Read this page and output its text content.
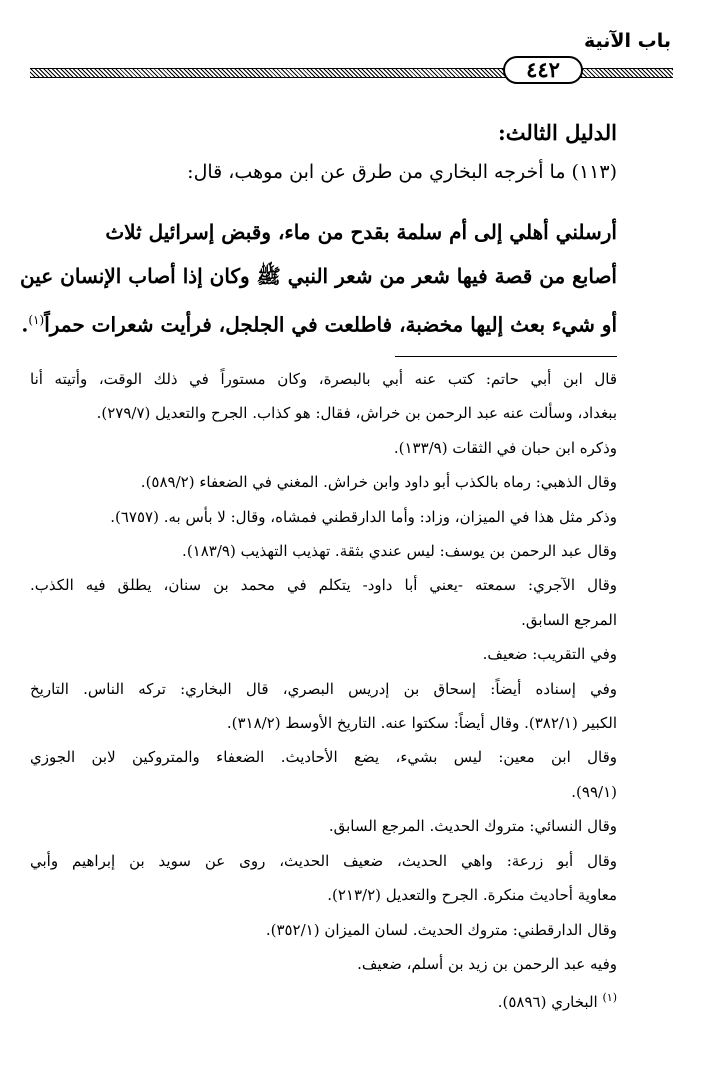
باب الآنية
٤٤٢
الدليل الثالث:
(١١٣) ما أخرجه البخاري من طرق عن ابن موهب، قال:
أرسلني أهلي إلى أم سلمة بقدح من ماء، وقبض إسرائيل ثلاث
أصابع من قصة فيها شعر من شعر النبي ﷺ وكان إذا أصاب الإنسان عين
أو شيء بعث إليها مخضبة، فاطلعت في الجلجل، فرأيت شعرات حمراً$^{(١)}$.
قال ابن أبي حاتم: كتب عنه أبي بالبصرة، وكان مستوراً في ذلك الوقت، وأتيته أنا
ببغداد، وسألت عنه عبد الرحمن بن خراش، فقال: هو كذاب. الجرح والتعديل (٢٧٩/٧).
وذكره ابن حبان في الثقات (١٣٣/٩).
وقال الذهبي: رماه بالكذب أبو داود وابن خراش. المغني في الضعفاء (٥٨٩/٢).
وذكر مثل هذا في الميزان، وزاد: وأما الدارقطني فمشاه، وقال: لا بأس به. (٦٧٥٧).
وقال عبد الرحمن بن يوسف: ليس عندي بثقة. تهذيب التهذيب (١٨٣/٩).
وقال الآجري: سمعته -يعني أبا داود- يتكلم في محمد بن سنان، يطلق فيه الكذب.
المرجع السابق.
وفي التقريب: ضعيف.
وفي إسناده أيضاً: إسحاق بن إدريس البصري، قال البخاري: تركه الناس. التاريخ
الكبير (٣٨٢/١). وقال أيضاً: سكتوا عنه. التاريخ الأوسط (٣١٨/٢).
وقال ابن معين: ليس بشيء، يضع الأحاديث. الضعفاء والمتروكين لابن الجوزي
(٩٩/١).
وقال النسائي: متروك الحديث. المرجع السابق.
وقال أبو زرعة: واهي الحديث، ضعيف الحديث، روى عن سويد بن إبراهيم وأبي
معاوية أحاديث منكرة. الجرح والتعديل (٢١٣/٢).
وقال الدارقطني: متروك الحديث. لسان الميزان (٣٥٢/١).
وفيه عبد الرحمن بن زيد بن أسلم، ضعيف.
$^{(١)}$ البخاري (٥٨٩٦).
